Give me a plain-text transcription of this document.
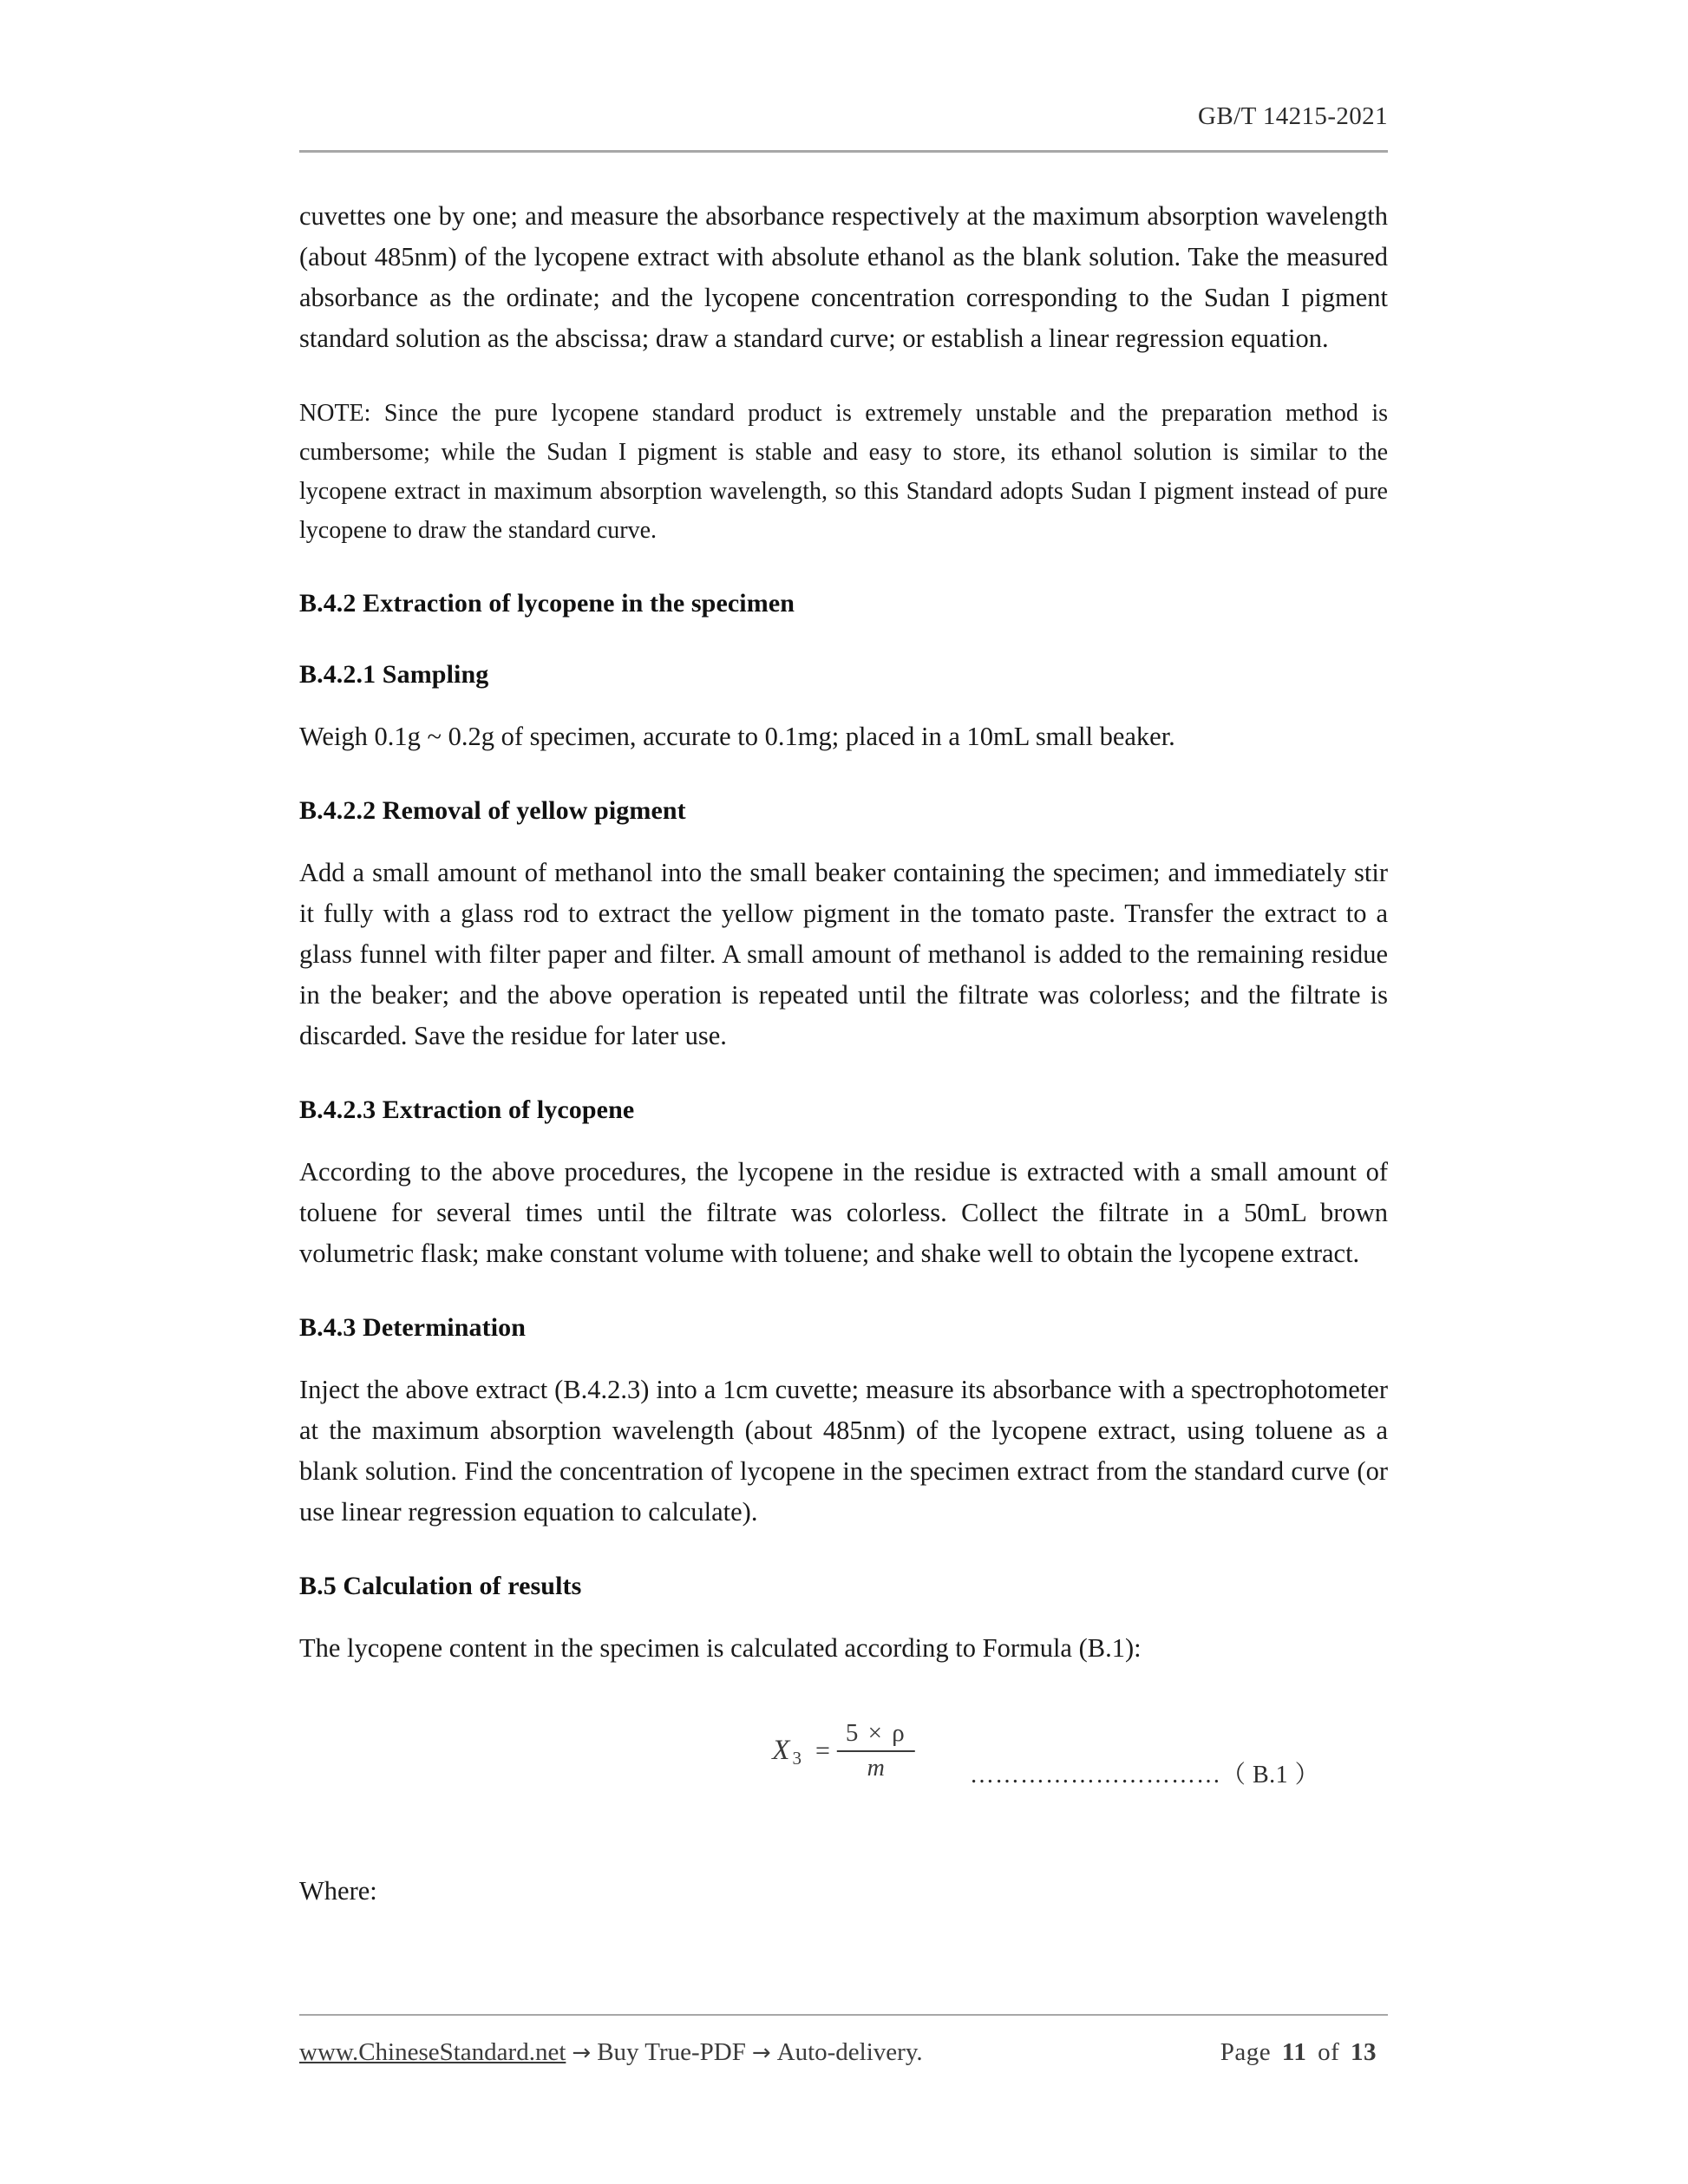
GB/T 14215-2021

cuvettes one by one; and measure the absorbance respectively at the maximum absorption wavelength (about 485nm) of the lycopene extract with absolute ethanol as the blank solution. Take the measured absorbance as the ordinate; and the lycopene concentration corresponding to the Sudan I pigment standard solution as the abscissa; draw a standard curve; or establish a linear regression equation.

NOTE: Since the pure lycopene standard product is extremely unstable and the preparation method is cumbersome; while the Sudan I pigment is stable and easy to store, its ethanol solution is similar to the lycopene extract in maximum absorption wavelength, so this Standard adopts Sudan I pigment instead of pure lycopene to draw the standard curve.

B.4.2 Extraction of lycopene in the specimen
B.4.2.1 Sampling

Weigh 0.1g ~ 0.2g of specimen, accurate to 0.1mg; placed in a 10mL small beaker.

B.4.2.2 Removal of yellow pigment

Add a small amount of methanol into the small beaker containing the specimen; and immediately stir it fully with a glass rod to extract the yellow pigment in the tomato paste. Transfer the extract to a glass funnel with filter paper and filter. A small amount of methanol is added to the remaining residue in the beaker; and the above operation is repeated until the filtrate was colorless; and the filtrate is discarded. Save the residue for later use.

B.4.2.3 Extraction of lycopene

According to the above procedures, the lycopene in the residue is extracted with a small amount of toluene for several times until the filtrate was colorless. Collect the filtrate in a 50mL brown volumetric flask; make constant volume with toluene; and shake well to obtain the lycopene extract.

B.4.3 Determination

Inject the above extract (B.4.2.3) into a 1cm cuvette; measure its absorbance with a spectrophotometer at the maximum absorption wavelength (about 485nm) of the lycopene extract, using toluene as a blank solution. Find the concentration of lycopene in the specimen extract from the standard curve (or use linear regression equation to calculate).

B.5 Calculation of results

The lycopene content in the specimen is calculated according to Formula (B.1):

X $3 = \frac{5 \times \rho}{m}$ …………………………（ B.1 ）

Where:

www.ChineseStandard.net → Buy True-PDF → Auto-delivery.	Page 11 of 13
